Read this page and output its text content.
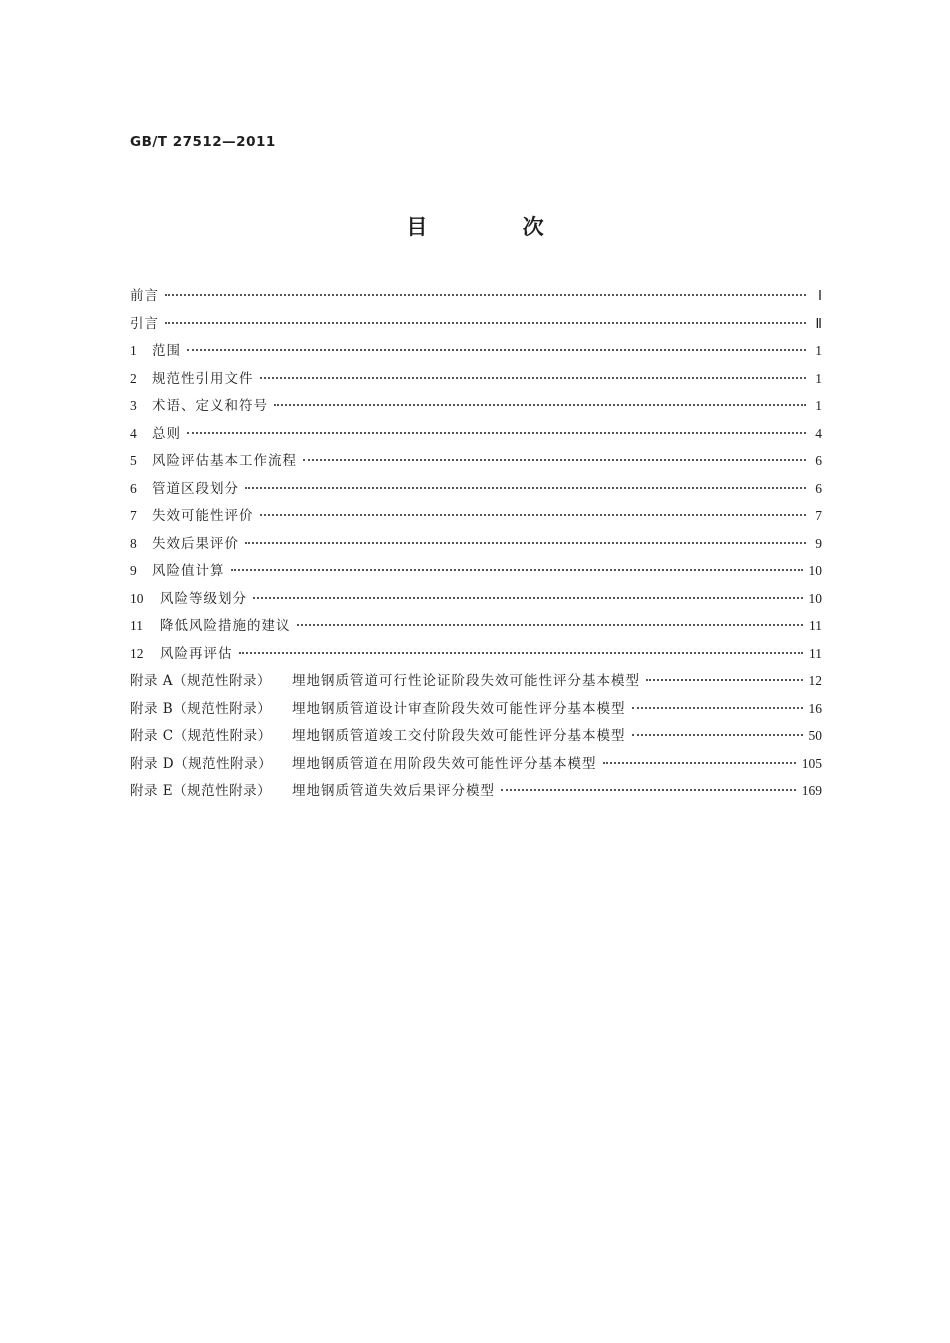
GB/T 27512—2011
目 次
前言	Ⅰ
引言	Ⅱ
1	范围	1
2	规范性引用文件	1
3	术语、定义和符号	1
4	总则	4
5	风险评估基本工作流程	6
6	管道区段划分	6
7	失效可能性评价	7
8	失效后果评价	9
9	风险值计算	10
10	风险等级划分	10
11	降低风险措施的建议	11
12	风险再评估	11
附录 A（规范性附录）	埋地钢质管道可行性论证阶段失效可能性评分基本模型	12
附录 B（规范性附录）	埋地钢质管道设计审查阶段失效可能性评分基本模型	16
附录 C（规范性附录）	埋地钢质管道竣工交付阶段失效可能性评分基本模型	50
附录 D（规范性附录）	埋地钢质管道在用阶段失效可能性评分基本模型	105
附录 E（规范性附录）	埋地钢质管道失效后果评分模型	169
